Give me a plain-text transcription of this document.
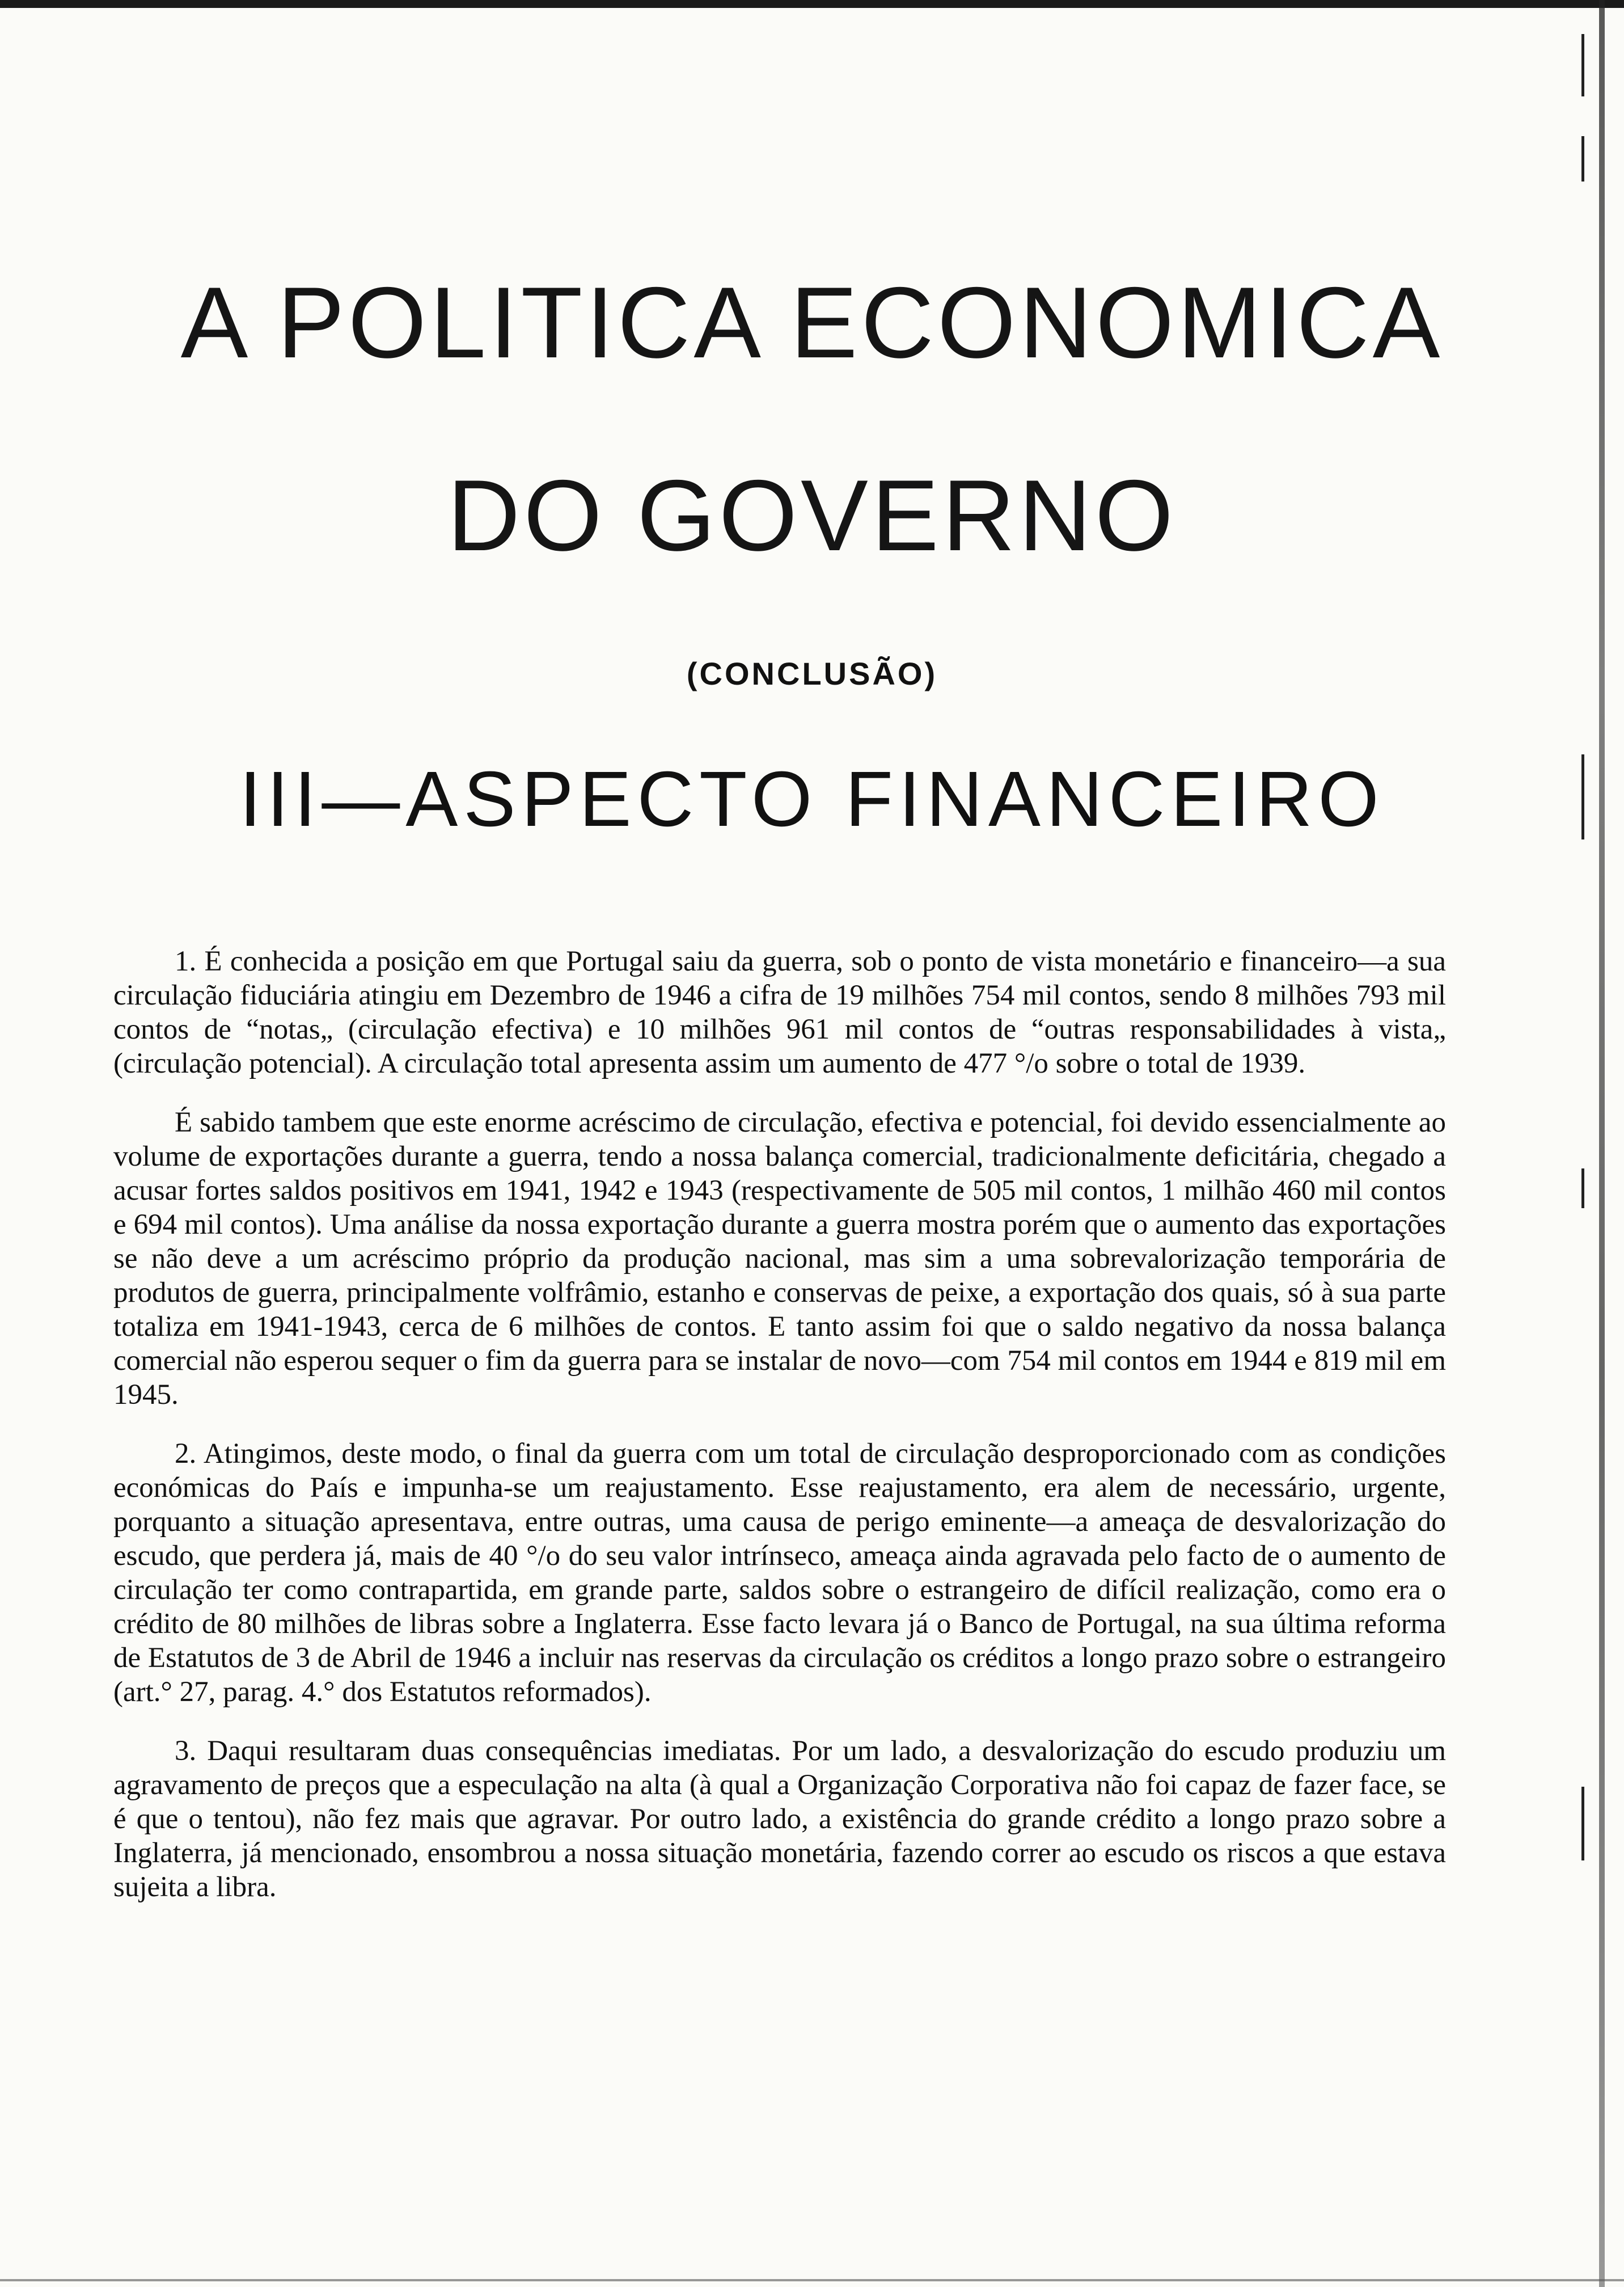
A POLITICA ECONOMICA
DO GOVERNO
(CONCLUSÃO)
III—ASPECTO FINANCEIRO

1. É conhecida a posição em que Portugal saiu da guerra, sob o ponto de vista monetário e financeiro—a sua circulação fiduciária atingiu em Dezembro de 1946 a cifra de 19 milhões 754 mil contos, sendo 8 milhões 793 mil contos de “notas„ (circulação efectiva) e 10 milhões 961 mil contos de “outras responsabilidades à vista„ (circulação potencial). A circulação total apresenta assim um aumento de 477 °/o sobre o total de 1939.

É sabido tambem que este enorme acréscimo de circulação, efectiva e potencial, foi devido essencialmente ao volume de exportações durante a guerra, tendo a nossa balança comercial, tradicionalmente deficitária, chegado a acusar fortes saldos positivos em 1941, 1942 e 1943 (respectivamente de 505 mil contos, 1 milhão 460 mil contos e 694 mil contos). Uma análise da nossa exportação durante a guerra mostra porém que o aumento das exportações se não deve a um acréscimo próprio da produção nacional, mas sim a uma sobrevalorização temporária de produtos de guerra, principalmente volfrâmio, estanho e conservas de peixe, a exportação dos quais, só à sua parte totaliza em 1941-1943, cerca de 6 milhões de contos. E tanto assim foi que o saldo negativo da nossa balança comercial não esperou sequer o fim da guerra para se instalar de novo—com 754 mil contos em 1944 e 819 mil em 1945.

2. Atingimos, deste modo, o final da guerra com um total de circulação desproporcionado com as condições económicas do País e impunha-se um reajustamento. Esse reajustamento, era alem de necessário, urgente, porquanto a situação apresentava, entre outras, uma causa de perigo eminente—a ameaça de desvalorização do escudo, que perdera já, mais de 40 °/o do seu valor intrínseco, ameaça ainda agravada pelo facto de o aumento de circulação ter como contrapartida, em grande parte, saldos sobre o estrangeiro de difícil realização, como era o crédito de 80 milhões de libras sobre a Inglaterra. Esse facto levara já o Banco de Portugal, na sua última reforma de Estatutos de 3 de Abril de 1946 a incluir nas reservas da circulação os créditos a longo prazo sobre o estrangeiro (art.° 27, parag. 4.° dos Estatutos reformados).

3. Daqui resultaram duas consequências imediatas. Por um lado, a desvalorização do escudo produziu um agravamento de preços que a especulação na alta (à qual a Organização Corporativa não foi capaz de fazer face, se é que o tentou), não fez mais que agravar. Por outro lado, a existência do grande crédito a longo prazo sobre a Inglaterra, já mencionado, ensombrou a nossa situação monetária, fazendo correr ao escudo os riscos a que estava sujeita a libra.
